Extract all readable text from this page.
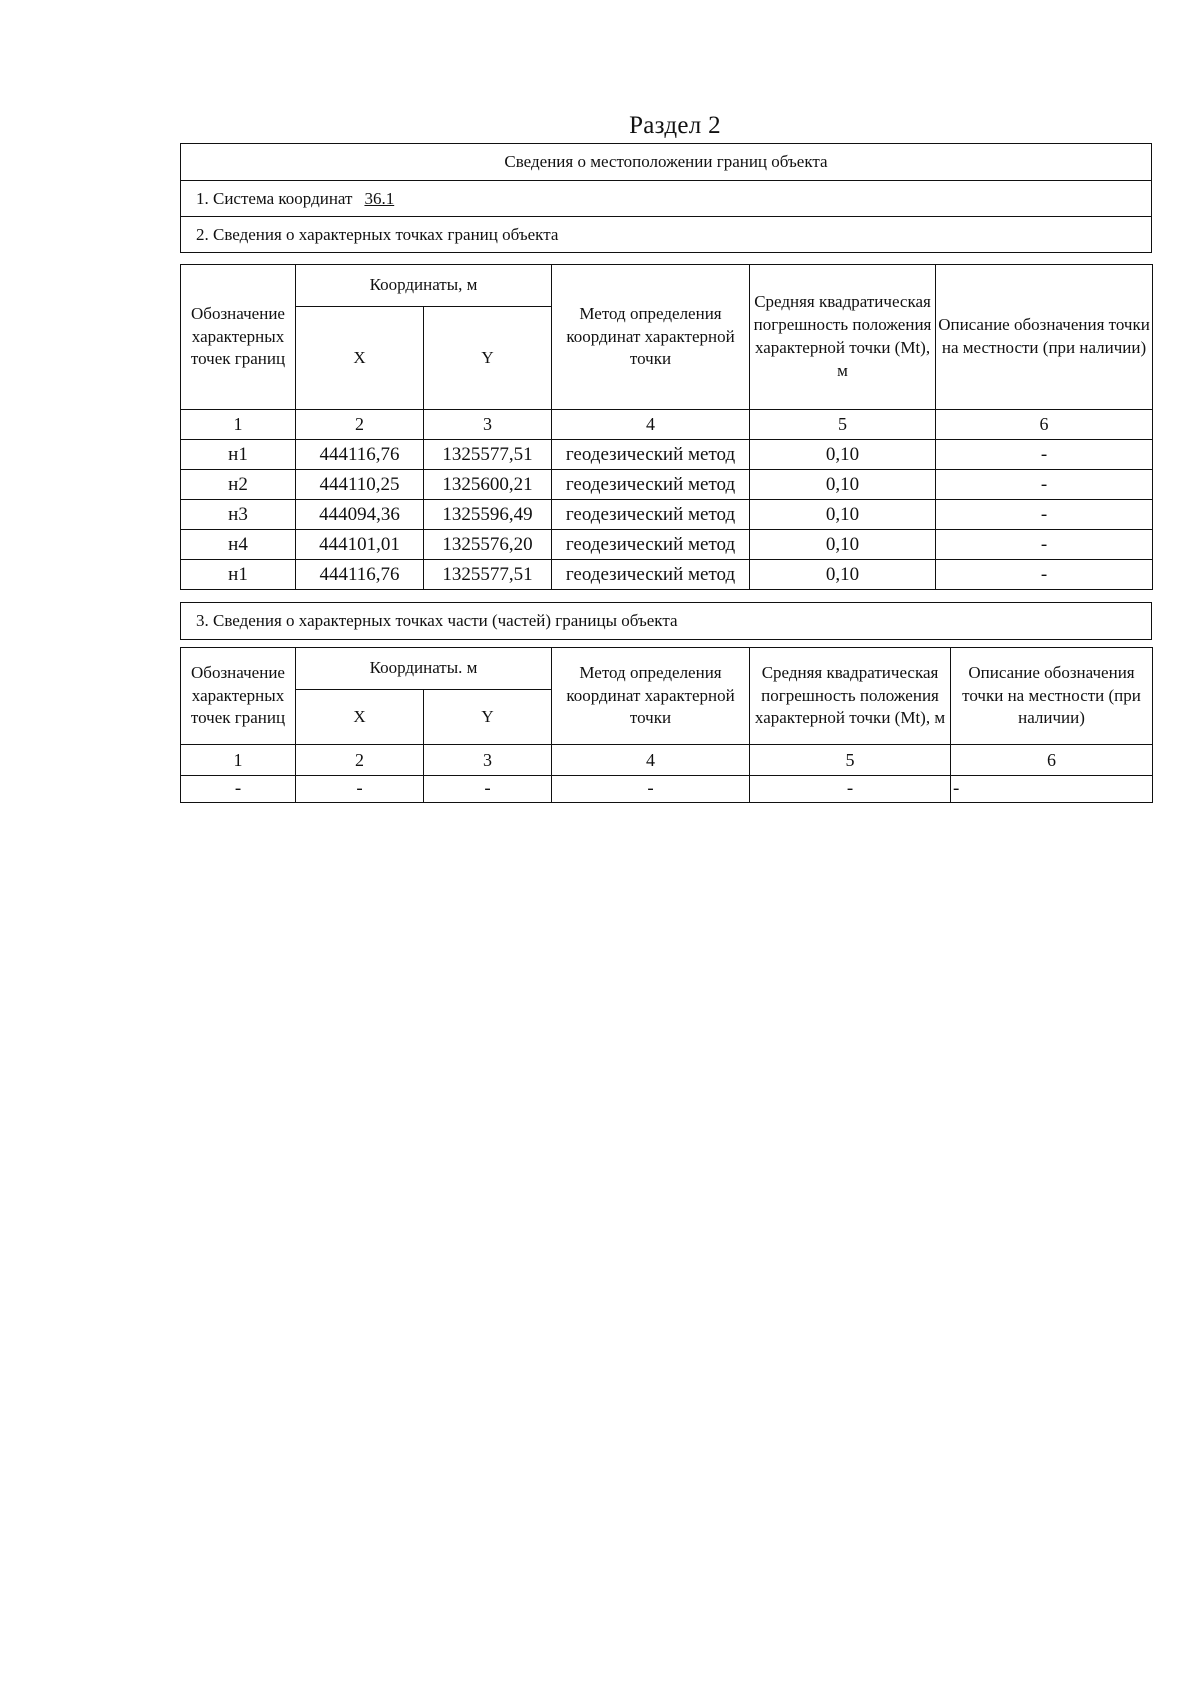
Раздел 2
Сведения о местоположении границ объекта
1. Система координат 36.1
2. Сведения о характерных точках границ объекта
Обозначение характерных точек границ	Координаты, м		Метод определения координат характерной точки	Средняя квадратическая погрешность положения характерной точки (Mt), м	Описание обозначения точки на местности (при наличии)
	X	Y			
1	2	3	4	5	6
н1	444116,76	1325577,51	геодезический метод	0,10	-
н2	444110,25	1325600,21	геодезический метод	0,10	-
н3	444094,36	1325596,49	геодезический метод	0,10	-
н4	444101,01	1325576,20	геодезический метод	0,10	-
н1	444116,76	1325577,51	геодезический метод	0,10	-
3. Сведения о характерных точках части (частей) границы объекта
Обозначение характерных точек границ	Координаты. м		Метод определения координат характерной точки	Средняя квадратическая погрешность положения характерной точки (Mt), м	Описание обозначения точки на местности (при наличии)
	X	Y			
1	2	3	4	5	6
-	-	-	-	-	-
